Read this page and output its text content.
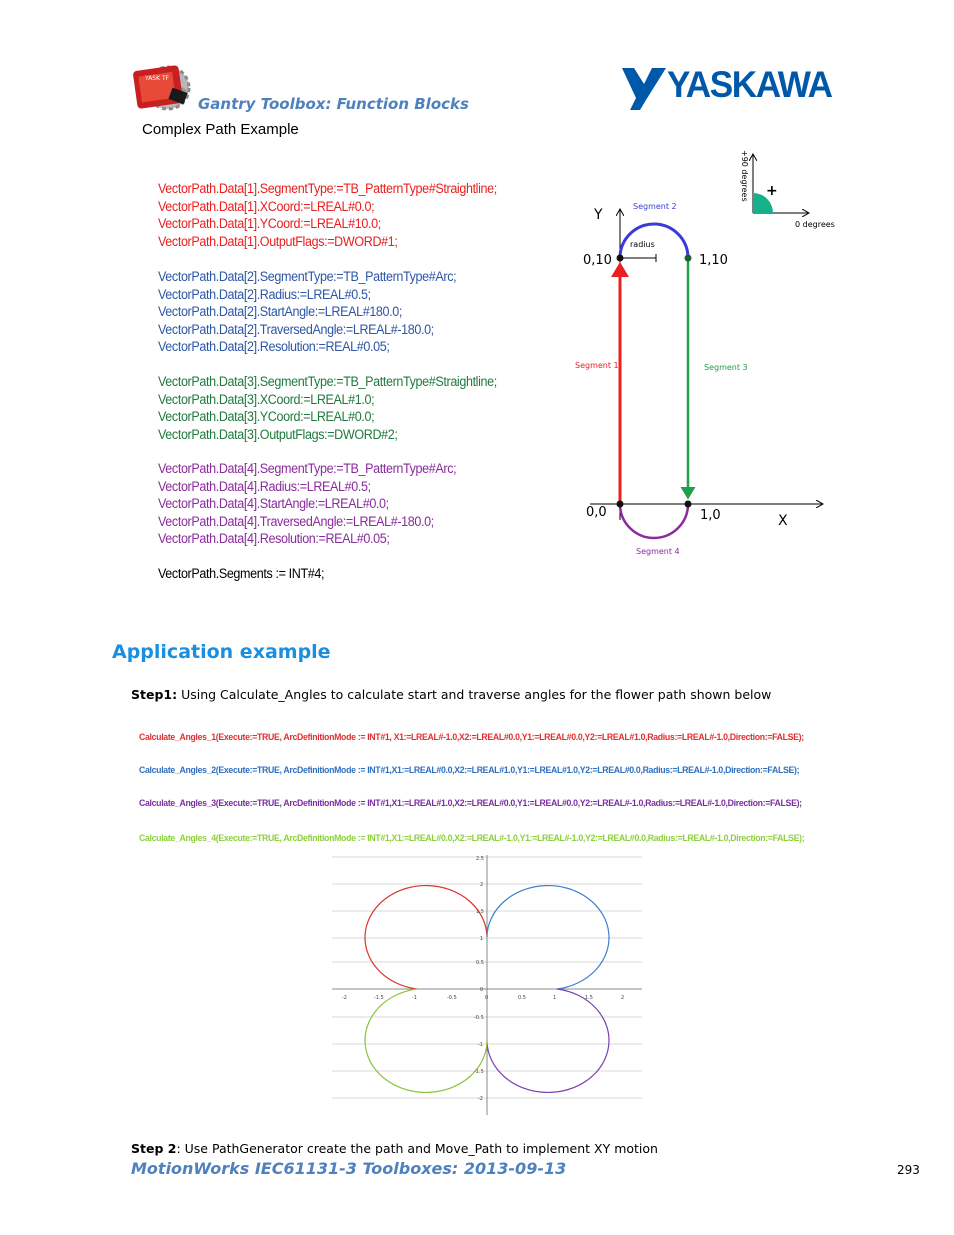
YASK TF
Gantry Toolbox: Function Blocks	YASKAWA
Complex Path Example
VectorPath.Data[1].SegmentType:=TB_PatternType#Straightline;
VectorPath.Data[1].XCoord:=LREAL#0.0;
VectorPath.Data[1].YCoord:=LREAL#10.0;
VectorPath.Data[1].OutputFlags:=DWORD#1;
VectorPath.Data[2].SegmentType:=TB_PatternType#Arc;
VectorPath.Data[2].Radius:=LREAL#0.5;
VectorPath.Data[2].StartAngle:=LREAL#180.0;
VectorPath.Data[2].TraversedAngle:=LREAL#-180.0;
VectorPath.Data[2].Resolution:=REAL#0.05;
VectorPath.Data[3].SegmentType:=TB_PatternType#Straightline;
VectorPath.Data[3].XCoord:=LREAL#1.0;
VectorPath.Data[3].YCoord:=LREAL#0.0;
VectorPath.Data[3].OutputFlags:=DWORD#2;
VectorPath.Data[4].SegmentType:=TB_PatternType#Arc;
VectorPath.Data[4].Radius:=LREAL#0.5;
VectorPath.Data[4].StartAngle:=LREAL#0.0;
VectorPath.Data[4].TraversedAngle:=LREAL#-180.0;
VectorPath.Data[4].Resolution:=REAL#0.05;
VectorPath.Segments := INT#4;
Y
X
radius
0,10	1,10
0,0	1,0
Segment 1
Segment 2
Segment 3
Segment 4
+90 degrees
0 degrees
+
Application example
Step1: Using Calculate_Angles to calculate start and traverse angles for the flower path shown below
Calculate_Angles_1(Execute:=TRUE, ArcDefinitionMode := INT#1, X1:=LREAL#-1.0,X2:=LREAL#0.0,Y1:=LREAL#0.0,Y2:=LREAL#1.0,Radius:=LREAL#-1.0,Direction:=FALSE);
Calculate_Angles_2(Execute:=TRUE, ArcDefinitionMode := INT#1,X1:=LREAL#0.0,X2:=LREAL#1.0,Y1:=LREAL#1.0,Y2:=LREAL#0.0,Radius:=LREAL#-1.0,Direction:=FALSE);
Calculate_Angles_3(Execute:=TRUE, ArcDefinitionMode := INT#1,X1:=LREAL#1.0,X2:=LREAL#0.0,Y1:=LREAL#0.0,Y2:=LREAL#-1.0,Radius:=LREAL#-1.0,Direction:=FALSE);
Calculate_Angles_4(Execute:=TRUE, ArcDefinitionMode := INT#1,X1:=LREAL#0.0,X2:=LREAL#-1.0,Y1:=LREAL#-1.0,Y2:=LREAL#0.0,Radius:=LREAL#-1.0,Direction:=FALSE);
-2	-1.5	-1	-0.5	0	0.5	1	1.5	2
2.5
2
1.5
1
0.5
0
-0.5
-1
-1.5
-2
Step 2: Use PathGenerator create the path and Move_Path to implement XY motion
MotionWorks IEC61131-3 Toolboxes: 2013-09-13	293
